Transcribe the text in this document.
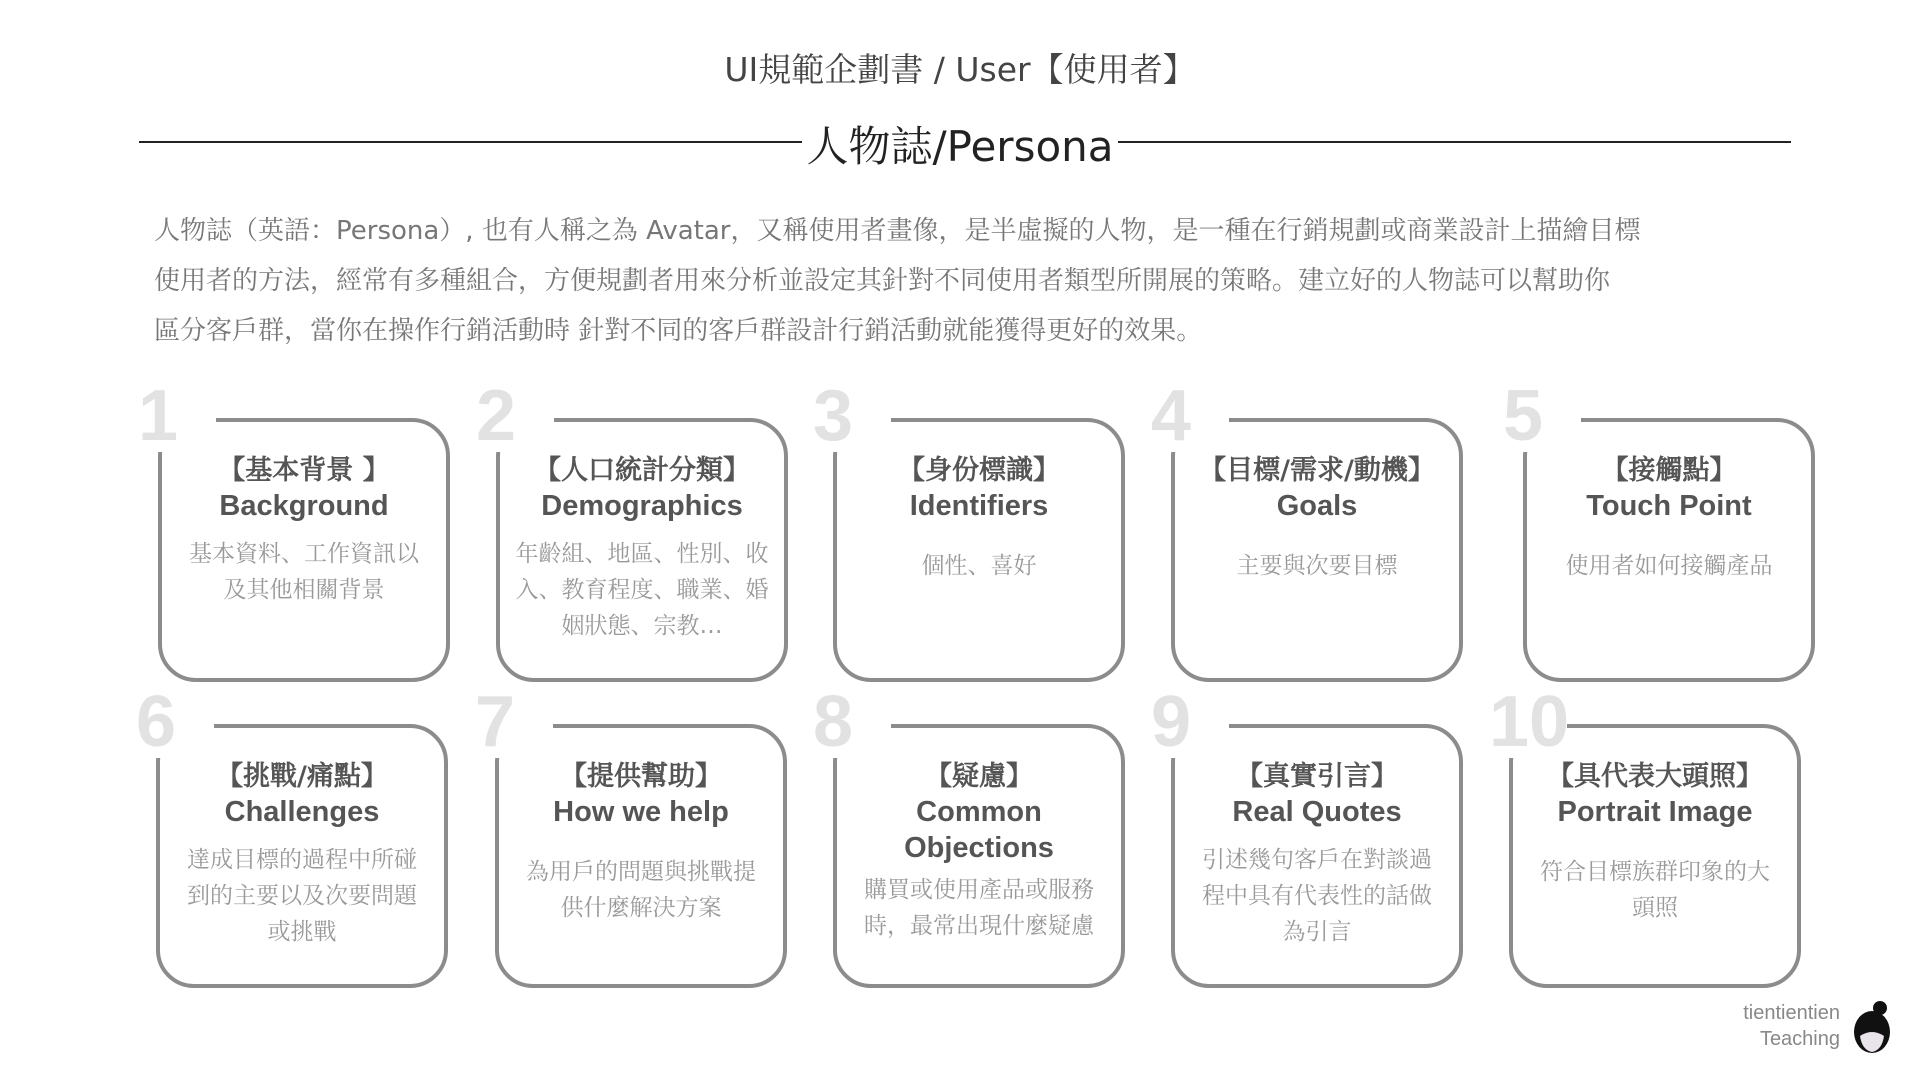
UI規範企劃書 / User【使用者】
人物誌/Persona
人物誌（英語：Persona）, 也有人稱之為 Avatar，又稱使用者畫像，是半虛擬的人物，是一種在行銷規劃或商業設計上描繪目標
使用者的方法，經常有多種組合，方便規劃者用來分析並設定其針對不同使用者類型所開展的策略。建立好的人物誌可以幫助你
區分客戶群，當你在操作行銷活動時 針對不同的客戶群設計行銷活動就能獲得更好的效果。
1
【基本背景 】
Background
基本資料、工作資訊以及其他相關背景
2
【人口統計分類】
Demographics
年齡組、地區、性別、收入、教育程度、職業、婚姻狀態、宗教…
3
【身份標識】
Identifiers
個性、喜好
4
【目標/需求/動機】
Goals
主要與次要目標
5
【接觸點】
Touch Point
使用者如何接觸產品
6
【挑戰/痛點】
Challenges
達成目標的過程中所碰到的主要以及次要問題或挑戰
7
【提供幫助】
How we help
為用戶的問題與挑戰提供什麼解決方案
8
【疑慮】
Common Objections
購買或使用產品或服務時，最常出現什麼疑慮
9
【真實引言】
Real Quotes
引述幾句客戶在對談過程中具有代表性的話做為引言
10
【具代表大頭照】
Portrait Image
符合目標族群印象的大頭照
tientientien
Teaching
